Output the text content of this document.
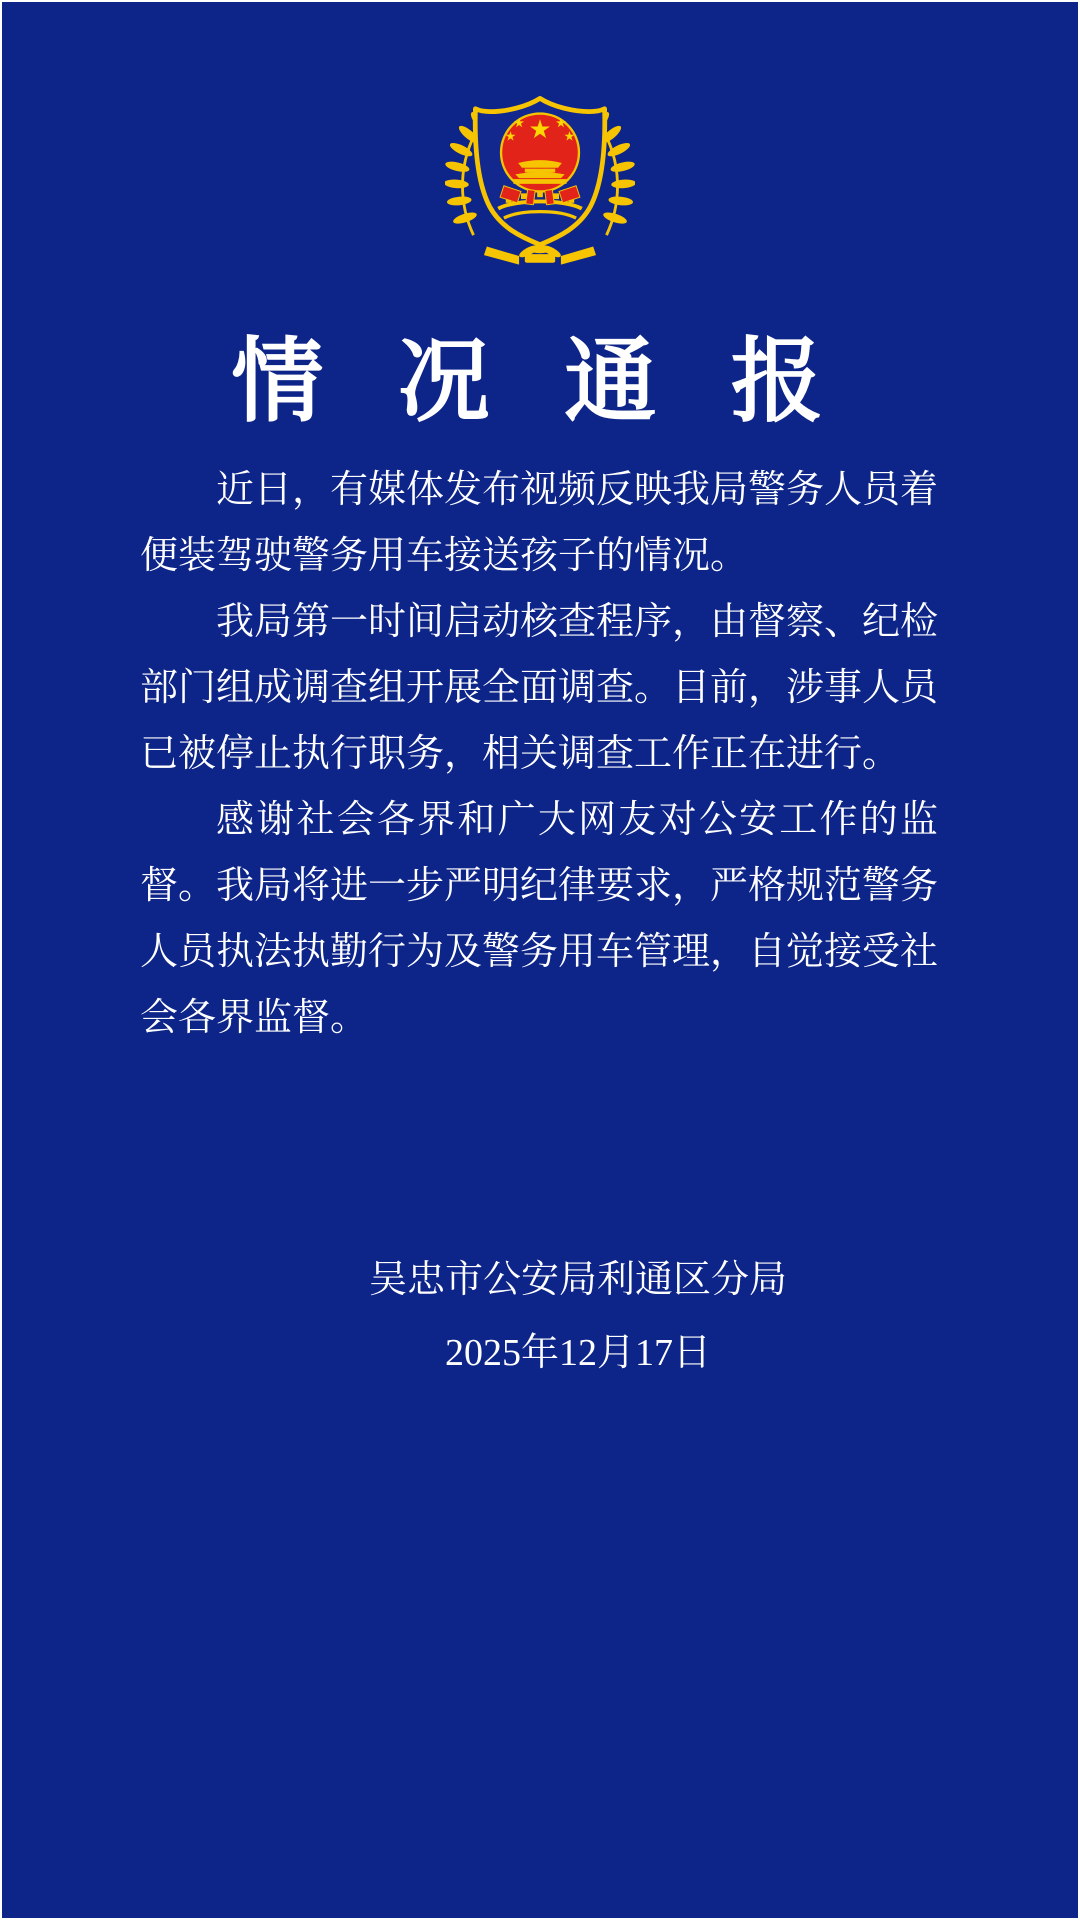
情 况 通 报
近日，有媒体发布视频反映我局警务人员着
便装驾驶警务用车接送孩子的情况。
我局第一时间启动核查程序，由督察、纪检
部门组成调查组开展全面调查。目前，涉事人员
已被停止执行职务，相关调查工作正在进行。
感谢社会各界和广大网友对公安工作的监
督。我局将进一步严明纪律要求，严格规范警务
人员执法执勤行为及警务用车管理，自觉接受社
会各界监督。
吴忠市公安局利通区分局
2025年12月17日
